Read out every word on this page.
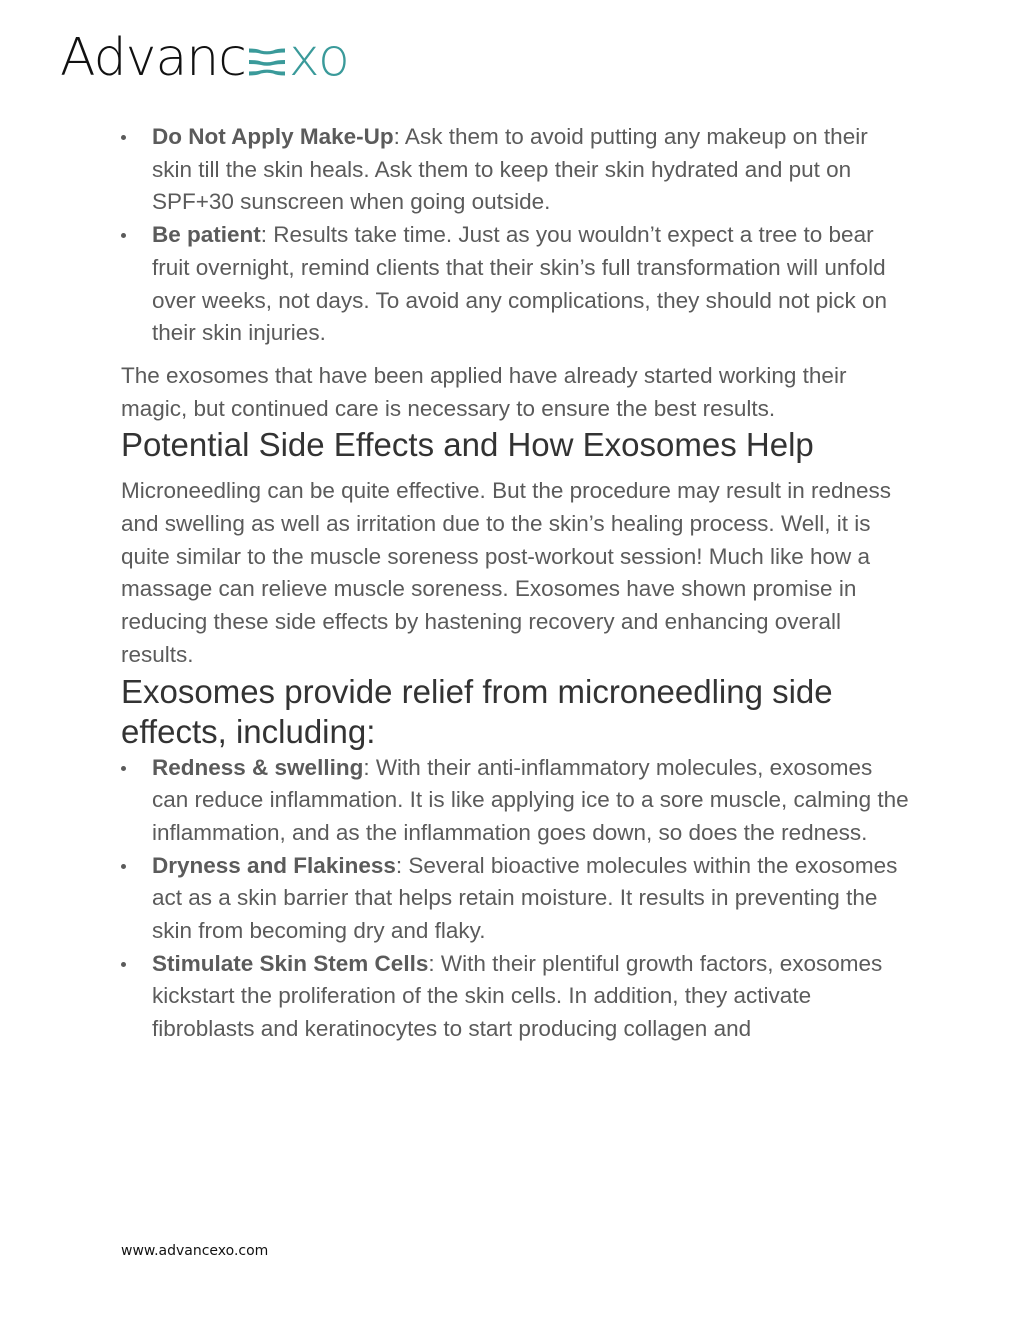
Advanc xo
Do Not Apply Make-Up: Ask them to avoid putting any makeup on their skin till the skin heals. Ask them to keep their skin hydrated and put on SPF+30 sunscreen when going outside.
Be patient: Results take time. Just as you wouldn’t expect a tree to bear fruit overnight, remind clients that their skin’s full transformation will unfold over weeks, not days. To avoid any complications, they should not pick on their skin injuries.

The exosomes that have been applied have already started working their magic, but continued care is necessary to ensure the best results.

Potential Side Effects and How Exosomes Help

Microneedling can be quite effective. But the procedure may result in redness and swelling as well as irritation due to the skin’s healing process. Well, it is quite similar to the muscle soreness post-workout session! Much like how a massage can relieve muscle soreness. Exosomes have shown promise in reducing these side effects by hastening recovery and enhancing overall results.

Exosomes provide relief from microneedling side effects, including:
Redness & swelling: With their anti-inflammatory molecules, exosomes can reduce inflammation. It is like applying ice to a sore muscle, calming the inflammation, and as the inflammation goes down, so does the redness.
Dryness and Flakiness: Several bioactive molecules within the exosomes act as a skin barrier that helps retain moisture. It results in preventing the skin from becoming dry and flaky.
Stimulate Skin Stem Cells: With their plentiful growth factors, exosomes kickstart the proliferation of the skin cells. In addition, they activate fibroblasts and keratinocytes to start producing collagen and
www.advancexo.com
